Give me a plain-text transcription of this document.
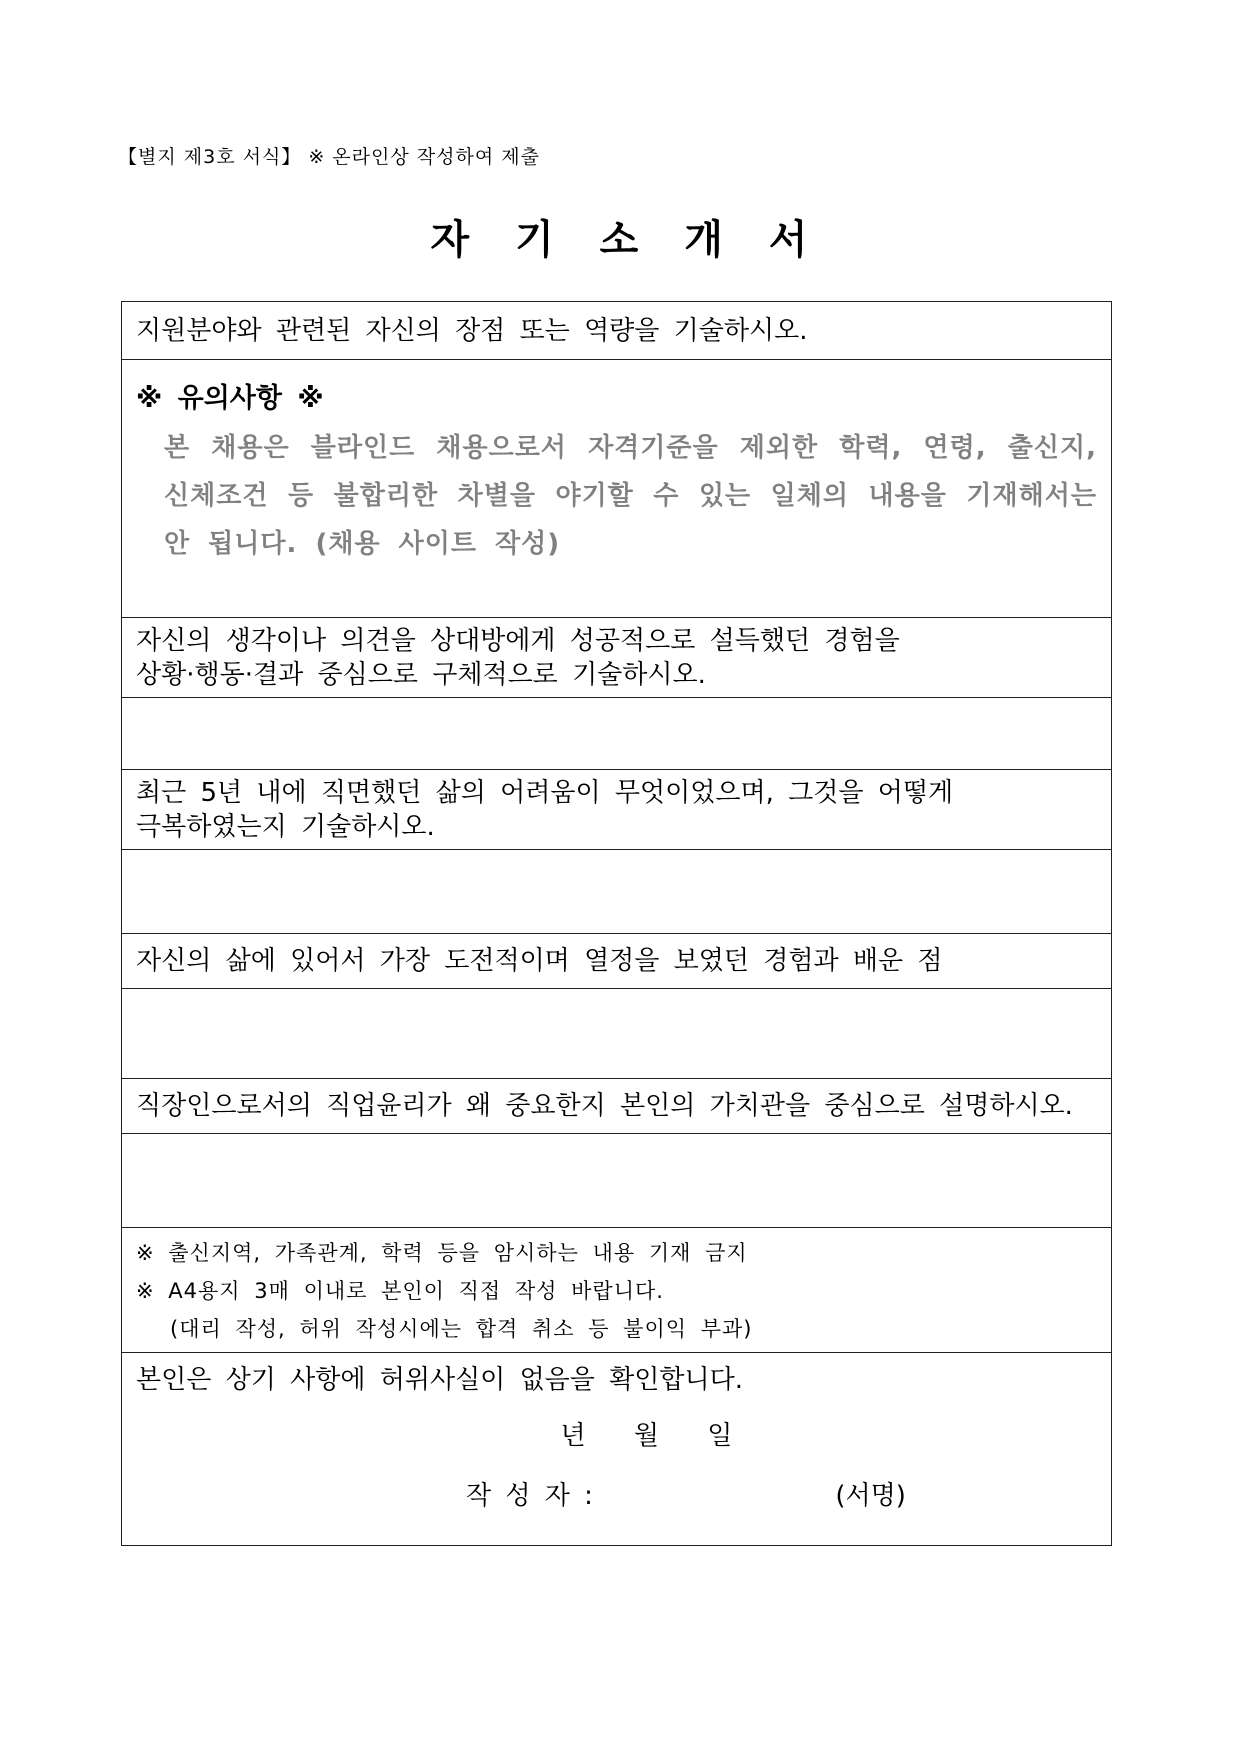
【별지 제3호 서식】 ※ 온라인상 작성하여 제출
자 기 소 개 서
지원분야와 관련된 자신의 장점 또는 역량을 기술하시오.

※ 유의사항 ※
본 채용은 블라인드 채용으로서 자격기준을 제외한 학력, 연령, 출신지, 신체조건 등 불합리한 차별을 야기할 수 있는 일체의 내용을 기재해서는 안 됩니다. (채용 사이트 작성)

자신의 생각이나 의견을 상대방에게 성공적으로 설득했던 경험을
상황·행동·결과 중심으로 구체적으로 기술하시오.

최근 5년 내에 직면했던 삶의 어려움이 무엇이었으며, 그것을 어떻게
극복하였는지 기술하시오.

자신의 삶에 있어서 가장 도전적이며 열정을 보였던 경험과 배운 점

직장인으로서의 직업윤리가 왜 중요한지 본인의 가치관을 중심으로 설명하시오.

※ 출신지역, 가족관계, 학력 등을 암시하는 내용 기재 금지
※ A4용지 3매 이내로 본인이 직접 작성 바랍니다.
(대리 작성, 허위 작성시에는 합격 취소 등 불이익 부과)

본인은 상기 사항에 허위사실이 없음을 확인합니다.
년 월 일
작 성 자 :	(서명)
